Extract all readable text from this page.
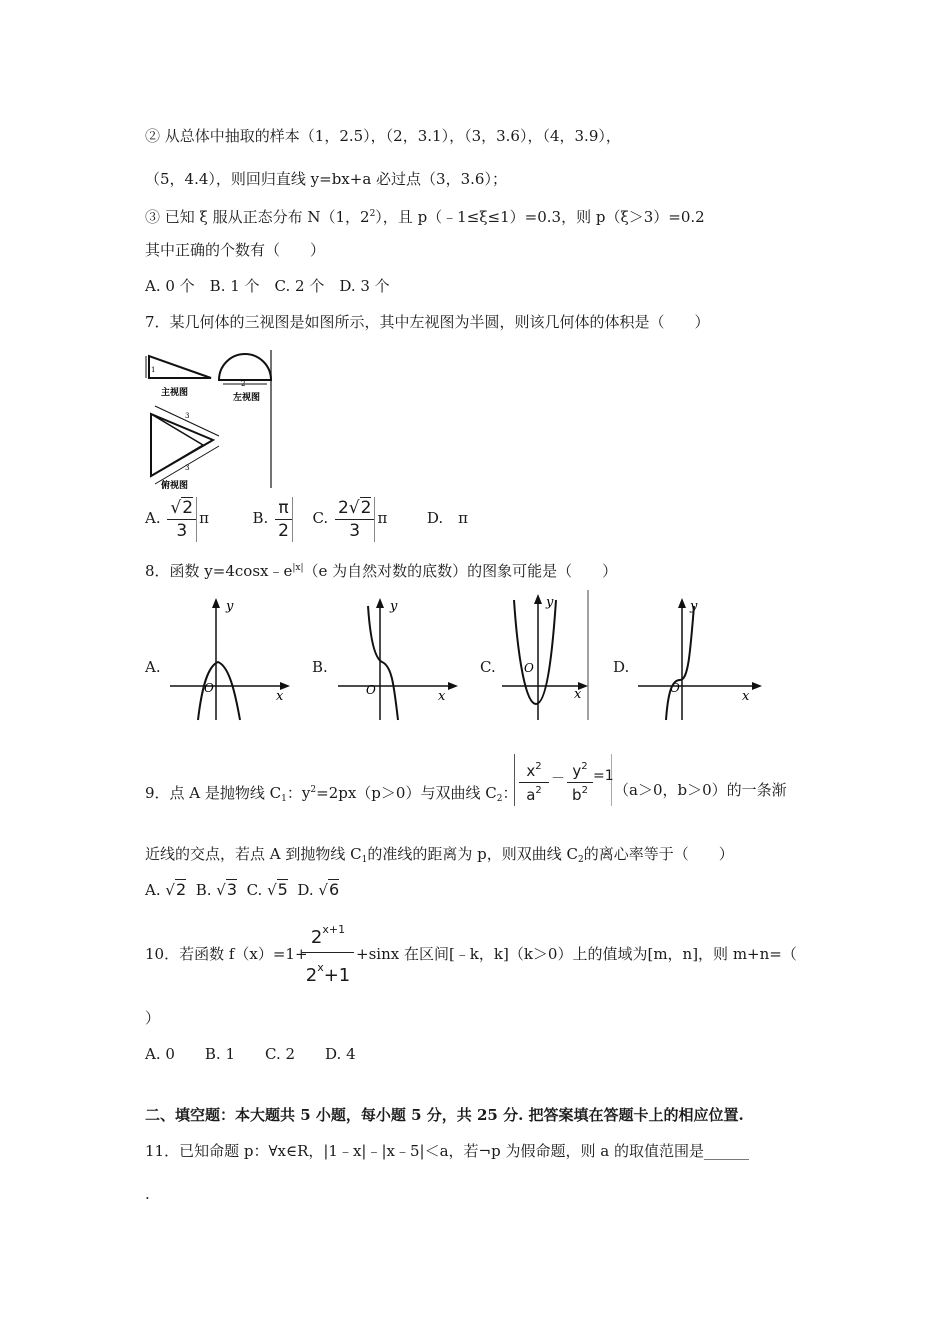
② 从总体中抽取的样本（1，2.5），（2，3.1），（3，3.6），（4，3.9），
（5，4.4），则回归直线 y=bx+a 必过点（3，3.6）；
③ 已知 ξ 服从正态分布 N（1，$2^2$），且 p（﹣1≤ξ≤1）=0.3，则 p（ξ＞3）=0.2
其中正确的个数有（　　）
A. 0 个　B. 1 个　C. 2 个　D. 3 个
7．某几何体的三视图是如图所示，其中左视图为半圆，则该几何体的体积是（　　）
1
主视图
2
左视图
3
3
俯视图
A. $\frac{√2}{3}$ π	B. $\frac{\pi}{2} C$. $\frac{2√2}{3}$ π	D.　π
8．函数 $y=4\cos x﹣e^{|x|}(e$ 为自然对数的底数）的图象可能是（　　）
A.	B.	C.	D.
y
x
O
y
x
O
y
x
O
y
x
O
9．点 A 是抛物线 $C_1$：$y^2=2px(p>0)$与双曲线 $C_2$：
$x^2$
$a^2$
－ $y^2$
$b^2$
=1
（a＞0，b＞0）的一条渐
近线的交点，若点 A 到抛物线 $C_1$的准线的距离为 p，则双曲线 $C_2$的离心率等于（　　）
A. √2 B. √3 C. √5 D. √6
10．若函数 f（x）=1+
$2^{x+1}$
$2^x+1$
+sinx 在区间[﹣k，k]（k＞0）上的值域为[m，n]，则 m+n=（
）
A. 0　　B. 1　　C. 2　　D. 4
二、填空题：本大题共 5 小题，每小题 5 分，共 25 分. 把答案填在答题卡上的相应位置.
11．已知命题 p：∀x∈R，|1﹣x|﹣|x﹣5|＜a，若¬p 为假命题，则 a 的取值范围是______
.
